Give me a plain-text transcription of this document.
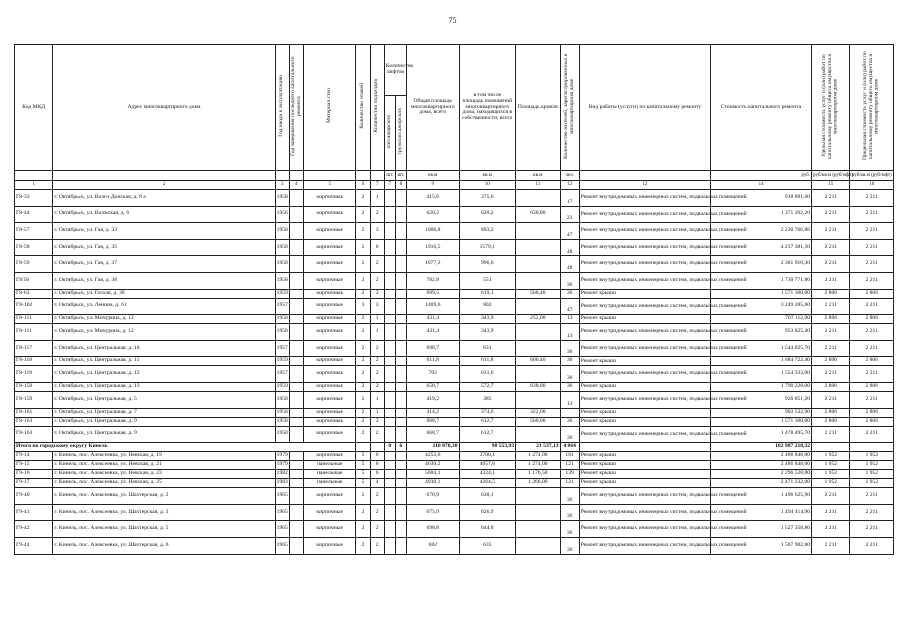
75
Код МКД	Адрес многоквартирного дома	Год ввода в эксплуатацию	Год завершения последнего капитального ремонта	Материал стен	Количество этажей	Количество подъездов	Количество лифтов		Общая площадь многоквартирного дома, всего	в том числе
площадь помещений многоквартирного дома, находящихся в собственности, всего	Площадь кровли	Количество жителей, зарегистрированных в многоквартирном доме	Вид работы (услуги) по капитальному ремонту	Стоимость капитального ремонта	Удельная стоимость услуг и (или) работ по капитальному ремонту общего имущества в многоквартирном доме	Предельная стоимость услуг и (или) работ по капитальному ремонту общего имущества в многоквартирном доме
							пассажирских	грузопассажирских								
							шт.	шт.	кв.м	кв.м	кв.м	чел.		руб.	руб/кв.м (руб/мфт)	руб/кв.м (руб/мфт)
1	2	3	4	5	6	7	7	8	9	10	11	12	12	14	15	16
Г8-33	г. Октябрьск, ул. Волго-Донская, д. 8 а	1958		кирпичные	2	1			415,6	375,6		17	Ремонт внутридомовых инженерных систем, подвальных помещений	918 891,60	2 211	2 211
Г8-44	г. Октябрьск, ул. Волжская, д. 6	1956		кирпичные	2	2			620,2	620,2	630,80	23	Ремонт внутридомовых инженерных систем, подвальных помещений	1 371 262,20	2 211	2 211
Г8-57	г. Октябрьск, ул. Гая, д. 33	1958		кирпичные	2	3			1008,8	893,2		47	Ремонт внутридомовых инженерных систем, подвальных помещений	2 230 766,86	2 211	2 211
Г8-58	г. Октябрьск, ул. Гая, д. 35	1958		кирпичные	2	0			1916,5	1579,1		48	Ремонт внутридомовых инженерных систем, подвальных помещений	4 237 381,50	2 211	2 211
Г8-59	г. Октябрьск, ул. Гая, д. 37	1958		кирпичные	2	2			1077,3	996,6		48	Ремонт внутридомовых инженерных систем, подвальных помещений	2 381 910,30	2 211	2 211
Г8/56	г. Октябрьск, ул. Гая, д. 38	1958		кирпичные	2	2			782,8	551		36	Ремонт внутридомовых инженерных систем, подвальных помещений	1 730 771,80	2 211	2 211
Г8-63	г. Октябрьск, ул. Гоголя, д. 38	1959		кирпичные	2	2			699,5	619,1	560,40	36	Ремонт крыши	1 571 360,00	2 806	2 806
Г8-102	г. Октябрьск, ул. Ленина, д. 61	1957		кирпичные	3	3			1469,6	802		47	Ремонт внутридомовых инженерных систем, подвальных помещений	3 249 285,60	2 211	2 211
Г8-111	г. Октябрьск, ул. Мичурина, д. 12	1958		кирпичные	2	1			431,4	343,9	252,00	13	Ремонт крыши	707 112,00	2 806	2 806
Г8-111	г. Октябрьск, ул. Мичурина, д. 12	1958		кирпичные	2	1			431,4	343,9		13	Ремонт внутридомовых инженерных систем, подвальных помещений	953 825,40	2 211	2 211
Г8-117	г. Октябрьск, ул. Центральная, д. 10	1957		кирпичные	2	2			698,7	631		36	Ремонт внутридомовых инженерных систем, подвальных помещений	1 544 825,70	2 211	2 211
Г8-118	г. Октябрьск, ул. Центральная, д. 11	1959		кирпичные	2	2			611,8	611,8	600,40	36	Ремонт крыши	1 684 722,40	2 806	2 806
Г8-119	г. Октябрьск, ул. Центральная, д. 12	1957		кирпичные	2	2			703	631,6		36	Ремонт внутридомовых инженерных систем, подвальных помещений	1 554 333,00	2 211	2 211
Г8-150	г. Октябрьск, ул. Центральная, д. 13	1959		кирпичные	2	2			658,7	572,7	638,00	36	Ремонт крыши	1 790 228,00	2 806	2 806
Г8-159	г. Октябрьск, ул. Центральная, д. 5	1958		кирпичные	2	1			419,2	385		13	Ремонт внутридомовых инженерных систем, подвальных помещений	926 851,20	2 211	2 211
Г8-161	г. Октябрьск, ул. Центральная, д. 7	1958		кирпичные	2	1			414,2	374,6	322,00		Ремонт крыши	903 532,00	2 806	2 806
Г8-163	г. Октябрьск, ул. Центральная, д. 9	1958		кирпичные	2	2			668,7	612,7	560,00	36	Ремонт крыши	1 571 360,00	2 806	2 806
Г8-163	г. Октябрьск, ул. Центральная, д. 9	1958		кирпичные	2	2			668,7	612,7		36	Ремонт внутридомовых инженерных систем, подвальных помещений	1 478 495,70	2 211	2 211
Итого по городскому округу Кинель							0	6	110 870,30	98 553,93	21 537,13	4 864		102 987 218,32		
Г9-14	г. Кинель, пос. Алексеевка, ул. Невская, д. 19	1979		кирпичные	5	6			4253,6	3700,1	1 274,00	181	Ремонт крыши	2 486 848,00	1 952	1 952
Г9-15	г. Кинель, пос. Алексеевка, ул. Невская, д. 21	1979		панельные	5	6			4630,2	4057,8	1 274,00	121	Ремонт крыши	2 486 848,00	1 952	1 952
Г9-16	г. Кинель, пос. Алексеевка, ул. Невская, д. 23	1982		панельные	5	6			5004,1	4324,1	1 176,50	139	Ремонт крыши	2 296 528,00	1 952	1 952
Г9-17	г. Кинель, пос. Алексеевка, ул. Невская, д. 25	1983		панельные	5	4			4930,1	4264,5	1 266,00	121	Ремонт крыши	2 471 232,00	1 952	1 952
Г9-40	г. Кинель, пос. Алексеевка, ул. Шахтерская, д. 2	1965		кирпичные	2	2			676,9	630,1		36	Ремонт внутридомовых инженерных систем, подвальных помещений	1 496 625,90	2 211	2 211
Г9-41	г. Кинель, пос. Алексеевка, ул. Шахтерская, д. 3	1965		кирпичные	2	2			675,9	626,9		36	Ремонт внутридомовых инженерных систем, подвальных помещений	1 494 414,90	2 211	2 211
Г9-42	г. Кинель, пос. Алексеевка, ул. Шахтерская, д. 5	1965		кирпичные	2	2			698,8	644,8		36	Ремонт внутридомовых инженерных систем, подвальных помещений	1 527 358,80	2 211	2 211
Г9-44	г. Кинель, пос. Алексеевка, ул. Шахтерская, д. 6	1965		кирпичные	2	2			682	635		36	Ремонт внутридомовых инженерных систем, подвальных помещений	1 507 902,00	2 211	2 211
